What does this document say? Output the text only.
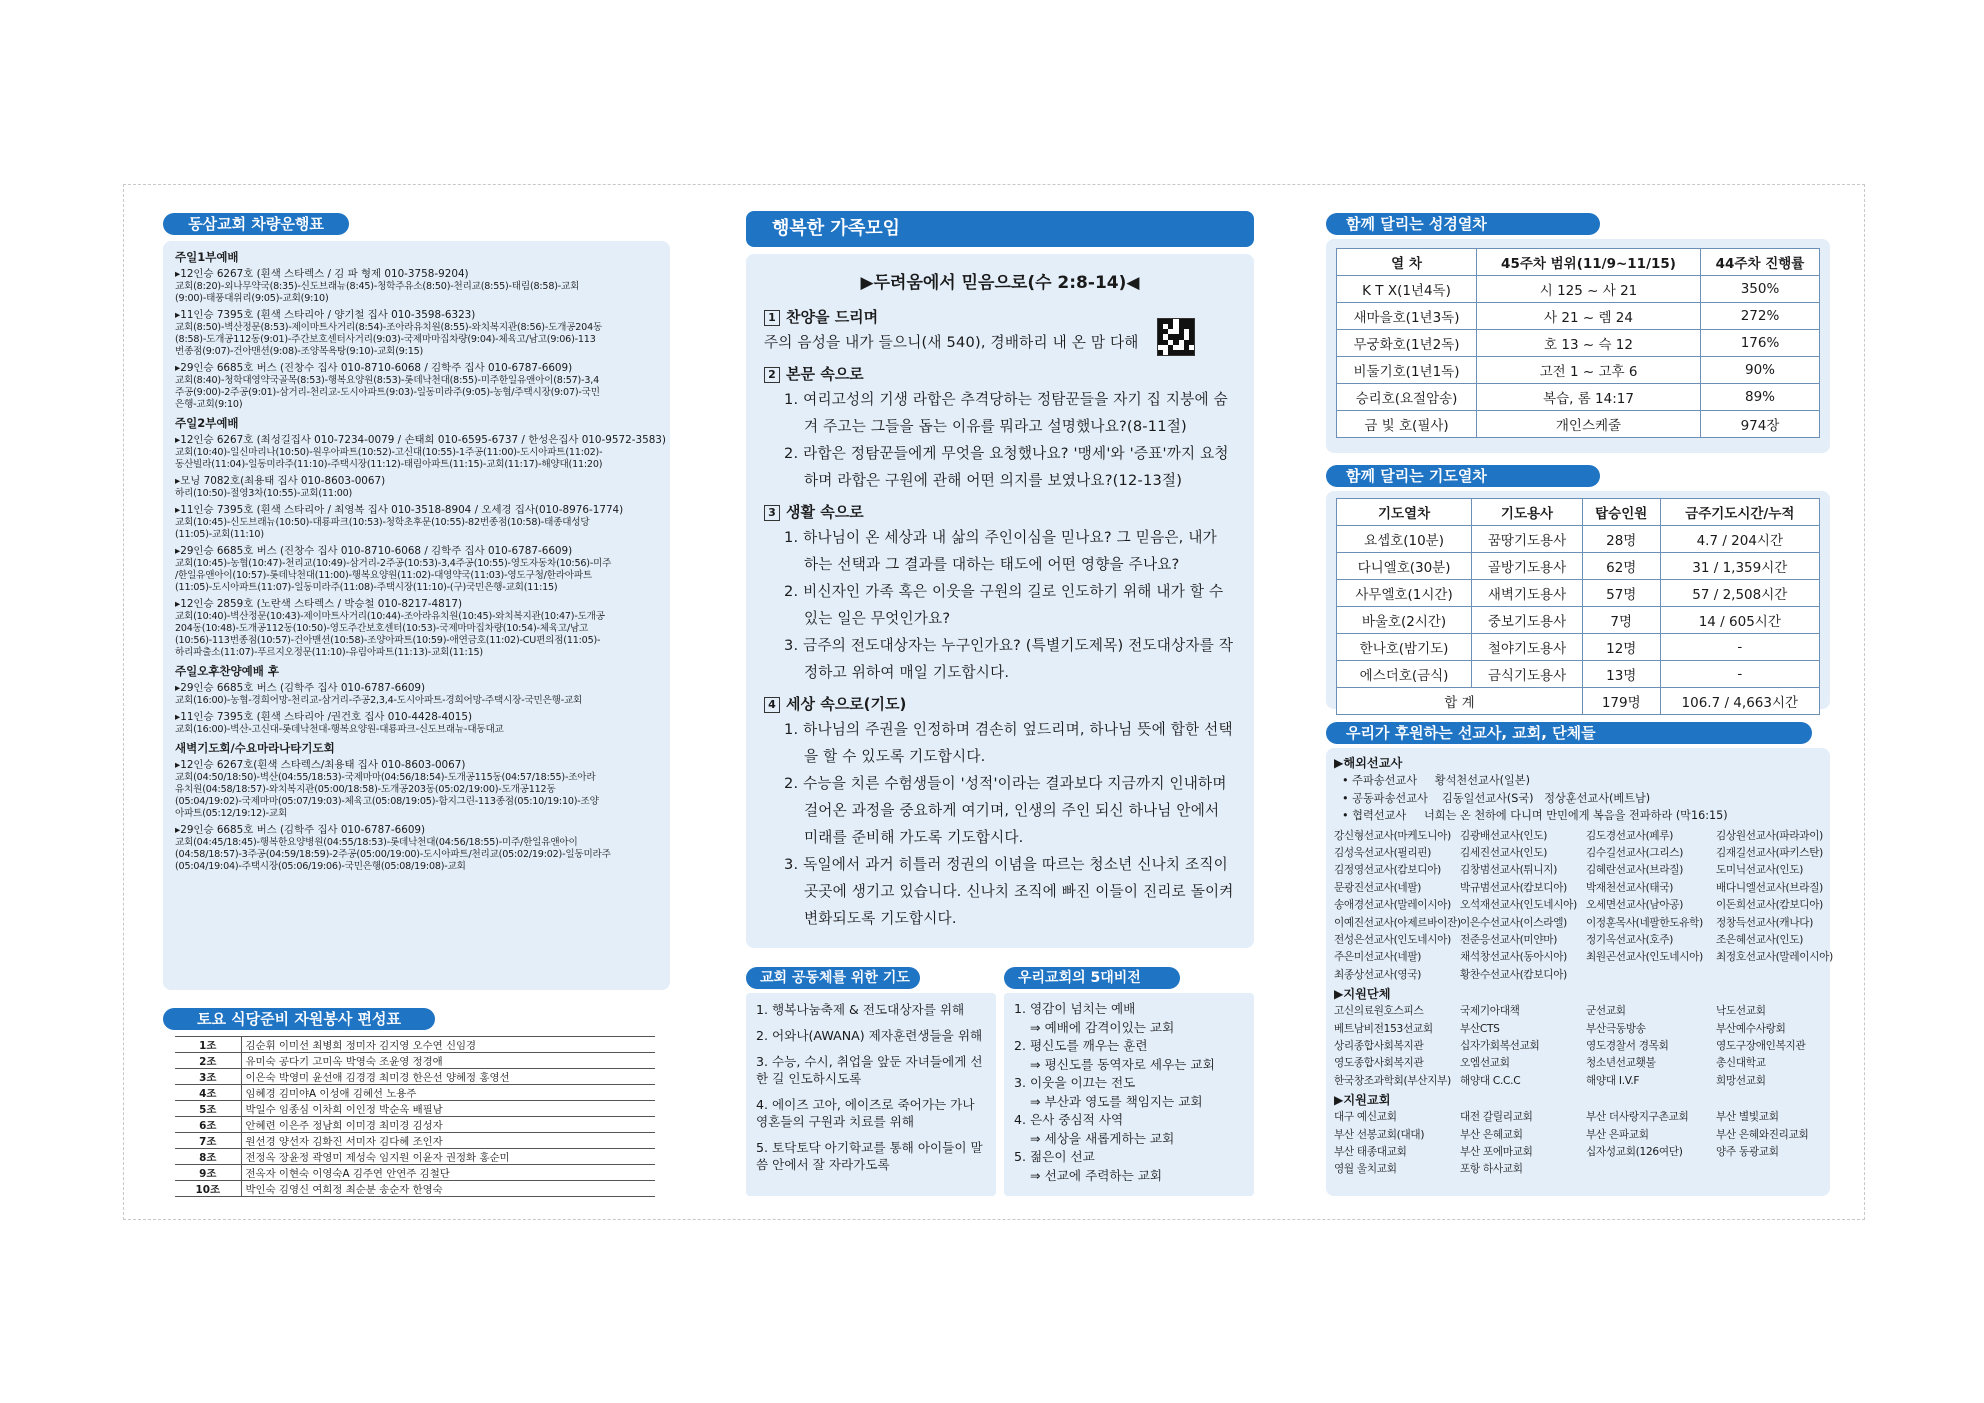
동삼교회 차량운행표
주일1부예배
▸12인승 6267호 (흰색 스타렉스 / 김 파 형제 010-3758-9204)
교회(8:20)-외나무약국(8:35)-신도브래뉴(8:45)-청학주유소(8:50)-천리교(8:55)-태림(8:58)-교회
(9:00)-태풍대위리(9:05)-교회(9:10)
▸11인승 7395호 (흰색 스타리아 / 양기철 집사 010-3598-6323)
교회(8:50)-벽산정문(8:53)-제이마트사거리(8:54)-조아라유치원(8:55)-와치복지관(8:56)-도개공204동
(8:58)-도개공112동(9:01)-주간보호센터사거리(9:03)-국제마마집차량(9:04)-체육고/남고(9:06)-113
번종점(9:07)-건아맨션(9:08)-조양목욕탕(9:10)-교회(9:15)
▸29인승 6685호 버스 (진창수 집사 010-8710-6068 / 김학주 집사 010-6787-6609)
교회(8:40)-청학대영약국골목(8:53)-행복요양원(8:53)-롯데낙천대(8:55)-미주한일유앤아이(8:57)-3,4
주공(9:00)-2주공(9:01)-삼거리-천리교-도시아파트(9:03)-일동미라주(9:05)-농협/주택시장(9:07)-국민
은행-교회(9:10)
주일2부예배
▸12인승 6267호 (최성길집사 010-7234-0079 / 손태희 010-6595-6737 / 한성은집사 010-9572-3583)
교회(10:40)-일신마리나(10:50)-원우아파트(10:52)-고신대(10:55)-1주공(11:00)-도시아파트(11:02)-
동산빌라(11:04)-일동미라주(11:10)-주택시장(11:12)-태림아파트(11:15)-교회(11:17)-해양대(11:20)
▸모닝 7082호(최용태 집사 010-8603-0067)
하리(10:50)-절영3차(10:55)-교회(11:00)
▸11인승 7395호 (흰색 스타리아 / 최영복 집사 010-3518-8904 / 오세경 집사(010-8976-1774)
교회(10:45)-신도브래뉴(10:50)-대룡파크(10:53)-청학초후문(10:55)-82번종점(10:58)-태종대성당
(11:05)-교회(11:10)
▸29인승 6685호 버스 (진창수 집사 010-8710-6068 / 김학주 집사 010-6787-6609)
교회(10:45)-농협(10:47)-천리교(10:49)-삼거리-2주공(10:53)-3,4주공(10:55)-영도자동차(10:56)-미주
/한일유앤아이(10:57)-롯데낙천대(11:00)-행복요양원(11:02)-대영약국(11:03)-영도구청/한라아파트
(11:05)-도시아파트(11:07)-일동미라주(11:08)-주택시장(11:10)-(구)국민은행-교회(11:15)
▸12인승 2859호 (노란색 스타렉스 / 박승철 010-8217-4817)
교회(10:40)-벽산정문(10:43)-제이마트사거리(10:44)-조아라유치원(10:45)-와치복지관(10:47)-도개공
204동(10:48)-도개공112동(10:50)-영도주간보호센터(10:53)-국제마마집차량(10:54)-체육고/남고
(10:56)-113번종점(10:57)-건아맨션(10:58)-조양아파트(10:59)-애연금호(11:02)-CU편의점(11:05)-
하리파출소(11:07)-푸르지오정문(11:10)-유림아파트(11:13)-교회(11:15)
주일오후찬양예배 후
▸29인승 6685호 버스 (김학주 집사 010-6787-6609)
교회(16:00)-농협-경희어망-천리교-삼거리-주공2,3,4-도시아파트-경희어망-주택시장-국민은행-교회
▸11인승 7395호 (흰색 스타리아 /권건호 집사 010-4428-4015)
교회(16:00)-벽산-고신대-롯데낙천대-행복요양원-대룡파크-신도브래뉴-대동대교
새벽기도회/수요마라나타기도회
▸12인승 6267호(흰색 스타렉스/최용태 집사 010-8603-0067)
교회(04:50/18:50)-벽산(04:55/18:53)-국제마마(04:56/18:54)-도개공115동(04:57/18:55)-조아라
유치원(04:58/18:57)-와치복지관(05:00/18:58)-도개공203동(05:02/19:00)-도개공112동
(05:04/19:02)-국제마마(05:07/19:03)-체육고(05:08/19:05)-함지그린-113종점(05:10/19:10)-조양
아파트(05:12/19:12)-교회
▸29인승 6685호 버스 (김학주 집사 010-6787-6609)
교회(04:45/18:45)-행복한요양병원(04:55/18:53)-롯데낙천대(04:56/18:55)-미주/한일유앤아이
(04:58/18:57)-3주공(04:59/18:59)-2주공(05:00/19:00)-도시아파트/천리교(05:02/19:02)-일동미라주
(05:04/19:04)-주택시장(05:06/19:06)-국민은행(05:08/19:08)-교회
토요 식당준비 자원봉사 편성표
1조	김순휘 이미선 최병희 정미자 김지영 오수연 신임경
2조	유미숙 공다기 고미옥 박영숙 조윤영 정경애
3조	이은숙 박영미 윤선애 김경경 최미경 한은선 양혜정 홍영선
4조	임혜경 김미야A 이성애 김혜선 노용주
5조	박일수 임종심 이차희 이인정 박순옥 배필남
6조	안혜련 이은주 정남희 이미경 최미경 김성자
7조	원선경 양선자 김화진 서미자 김다혜 조인자
8조	전정옥 장윤정 곽영미 제성숙 임지원 이윤자 권정화 홍순미
9조	전옥자 이현숙 이영숙A 김주연 안연주 김철단
10조	박인숙 김영신 여희정 최순분 송순자 한영숙
행복한 가족모임
▶두려움에서 믿음으로(수 2:8-14)◀
1 찬양을 드리며
주의 음성을 내가 들으니(새 540), 경배하리 내 온 맘 다해
2 본문 속으로
1. 여리고성의 기생 라합은 추격당하는 정탐꾼들을 자기 집 지붕에 숨겨 주고는 그들을 돕는 이유를 뭐라고 설명했나요?(8-11절)
2. 라합은 정탐꾼들에게 무엇을 요청했나요? '맹세'와 '증표'까지 요청하며 라합은 구원에 관해 어떤 의지를 보였나요?(12-13절)
3 생활 속으로
1. 하나님이 온 세상과 내 삶의 주인이심을 믿나요? 그 믿음은, 내가 하는 선택과 그 결과를 대하는 태도에 어떤 영향을 주나요?
2. 비신자인 가족 혹은 이웃을 구원의 길로 인도하기 위해 내가 할 수 있는 일은 무엇인가요?
3. 금주의 전도대상자는 누구인가요? (특별기도제목) 전도대상자를 작정하고 위하여 매일 기도합시다.
4 세상 속으로(기도)
1. 하나님의 주권을 인정하며 겸손히 엎드리며, 하나님 뜻에 합한 선택을 할 수 있도록 기도합시다.
2. 수능을 치른 수험생들이 '성적'이라는 결과보다 지금까지 인내하며 걸어온 과정을 중요하게 여기며, 인생의 주인 되신 하나님 안에서 미래를 준비해 가도록 기도합시다.
3. 독일에서 과거 히틀러 정권의 이념을 따르는 청소년 신나치 조직이 곳곳에 생기고 있습니다. 신나치 조직에 빠진 이들이 진리로 돌이켜 변화되도록 기도합시다.
교회 공동체를 위한 기도
1. 행복나눔축제 & 전도대상자를 위해
2. 어와나(AWANA) 제자훈련생들을 위해
3. 수능, 수시, 취업을 앞둔 자녀들에게 선한 길 인도하시도록
4. 에이즈 고아, 에이즈로 죽어가는 가나 영혼들의 구원과 치료를 위해
5. 토닥토닥 아기학교를 통해 아이들이 말씀 안에서 잘 자라가도록
우리교회의 5대비전
1. 영감이 넘치는 예배
⇒ 예배에 감격이있는 교회
2. 평신도를 깨우는 훈련
⇒ 평신도를 동역자로 세우는 교회
3. 이웃을 이끄는 전도
⇒ 부산과 영도를 책임지는 교회
4. 은사 중심적 사역
⇒ 세상을 새롭게하는 교회
5. 젊은이 선교
⇒ 선교에 주력하는 교회
함께 달리는 성경열차
열 차	45주차 범위(11/9~11/15)	44주차 진행률
K T X(1년4독)	시 125 ~ 사 21	350%
새마을호(1년3독)	사 21 ~ 렘 24	272%
무궁화호(1년2독)	호 13 ~ 슥 12	176%
비둘기호(1년1독)	고전 1 ~ 고후 6	90%
승리호(요절암송)	복습, 롬 14:17	89%
금 빛 호(필사)	개인스케줄	974장
함께 달리는 기도열차
기도열차	기도용사	탑승인원	금주기도시간/누적
요셉호(10분)	꿈땅기도용사	28명	4.7 / 204시간
다니엘호(30분)	골방기도용사	62명	31 / 1,359시간
사무엘호(1시간)	새벽기도용사	57명	57 / 2,508시간
바울호(2시간)	중보기도용사	7명	14 / 605시간
한나호(밤기도)	철야기도용사	12명	-
에스더호(금식)	금식기도용사	13명	-
합 계		179명	106.7 / 4,663시간
우리가 후원하는 선교사, 교회, 단체들
▶해외선교사
• 주파송선교사     황석천선교사(일본)
• 공동파송선교사    김동일선교사(S국)   정상훈선교사(베트남)
• 협력선교사     너희는 온 천하에 다니며 만민에게 복음을 전파하라 (막16:15)
강신형선교사(마케도니아) 김광배선교사(인도)	김도경선교사(페루)	김상원선교사(파라과이)
김성욱선교사(필리핀)	김세진선교사(인도)	김수길선교사(그리스)	김재길선교사(파키스탄)
김정영선교사(캄보디아)	김창범선교사(튀니지)	김혜란선교사(브라질)	도미닉선교사(인도)
문광진선교사(네팔)	박규범선교사(캄보디아)	박재천선교사(태국)	배다니엘선교사(브라질)
송애경선교사(말레이시아) 오석재선교사(인도네시아) 오세면선교사(남아공)	이돈희선교사(캄보디아)
이예진선교사(아제르바이잔) 이은수선교사(이스라엘)	이정훈목사(네팔한도유학)	정창득선교사(캐나다)
전성은선교사(인도네시아) 전준응선교사(미얀마)	정기옥선교사(호주)	조은혜선교사(인도)
주은미선교사(네팔)	채석창선교사(동아시아)	최원곤선교사(인도네시아)	최정호선교사(말레이시아)
최종상선교사(영국)	황찬수선교사(캄보디아)
▶지원단체
고신의료원호스피스	국제기아대책	군선교회	낙도선교회
베트남비전153선교회	부산CTS	부산극동방송	부산예수사랑회
상리종합사회복지관	십자가회복선교회	영도경찰서 경목회	영도구장애인복지관
영도종합사회복지관	오엠선교회	청소년선교횃불	총신대학교
한국창조과학회(부산지부) 해양대 C.C.C	해양대 I.V.F	희망선교회
▶지원교회
대구 예신교회	대전 갈릴리교회	부산 더사랑지구촌교회	부산 별빛교회
부산 선봉교회(대대)	부산 은혜교회	부산 은파교회	부산 은혜와진리교회
부산 태종대교회	부산 포에마교회	십자성교회(126여단)	양주 동광교회
영월 울치교회	포항 하사교회
